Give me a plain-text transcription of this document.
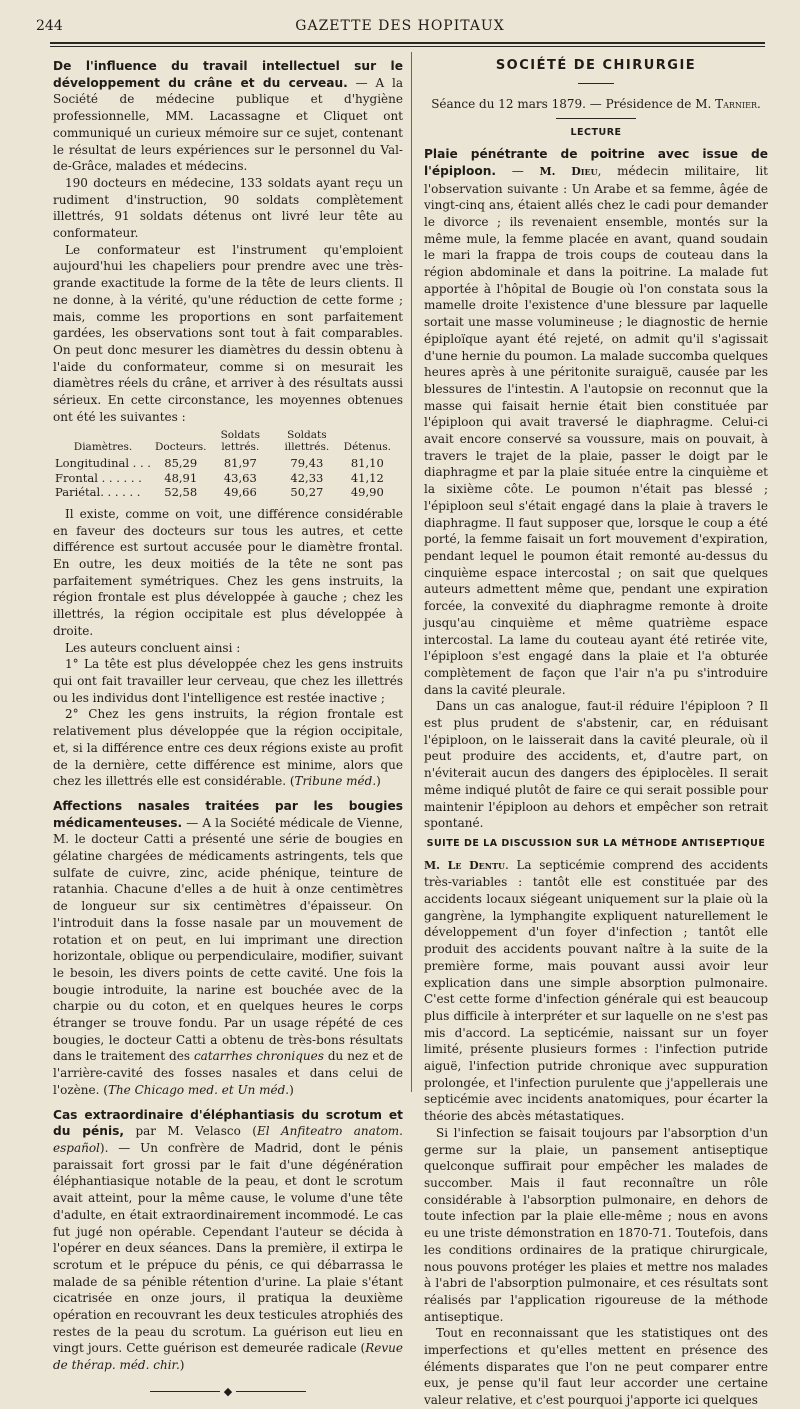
244	GAZETTE DES HOPITAUX

De l'influence du travail intellectuel sur le développement du crâne et du cerveau. — A la Société de médecine publique et d'hygiène professionnelle, MM. Lacassagne et Cliquet ont communiqué un curieux mémoire sur ce sujet, contenant le résultat de leurs expériences sur le personnel du Val-de-Grâce, malades et médecins.

190 docteurs en médecine, 133 soldats ayant reçu un rudiment d'instruction, 90 soldats complètement illettrés, 91 soldats détenus ont livré leur tête au conformateur.

Le conformateur est l'instrument qu'emploient aujourd'hui les chapeliers pour prendre avec une très-grande exactitude la forme de la tête de leurs clients. Il ne donne, à la vérité, qu'une réduction de cette forme ; mais, comme les proportions en sont parfaitement gardées, les observations sont tout à fait comparables. On peut donc mesurer les diamètres du dessin obtenu à l'aide du conformateur, comme si on mesurait les diamètres réels du crâne, et arriver à des résultats aussi sérieux. En cette circonstance, les moyennes obtenues ont été les suivantes :

Diamètres.	Docteurs.	Soldats lettrés.	Soldats illettrés.	Détenus.
Longitudinal . . .	85,29	81,97	79,43	81,10
Frontal . . . . . .	48,91	43,63	42,33	41,12
Pariétal. . . . . .	52,58	49,66	50,27	49,90

Il existe, comme on voit, une différence considérable en faveur des docteurs sur tous les autres, et cette différence est surtout accusée pour le diamètre frontal. En outre, les deux moitiés de la tête ne sont pas parfaitement symétriques. Chez les gens instruits, la région frontale est plus développée à gauche ; chez les illettrés, la région occipitale est plus développée à droite.

Les auteurs concluent ainsi :

1° La tête est plus développée chez les gens instruits qui ont fait travailler leur cerveau, que chez les illettrés ou les individus dont l'intelligence est restée inactive ;

2° Chez les gens instruits, la région frontale est relativement plus développée que la région occipitale, et, si la différence entre ces deux régions existe au profit de la dernière, cette différence est minime, alors que chez les illettrés elle est considérable. (Tribune méd.)

Affections nasales traitées par les bougies médicamenteuses. — A la Société médicale de Vienne, M. le docteur Catti a présenté une série de bougies en gélatine chargées de médicaments astringents, tels que sulfate de cuivre, zinc, acide phénique, teinture de ratanhia. Chacune d'elles a de huit à onze centimètres de longueur sur six centimètres d'épaisseur. On l'introduit dans la fosse nasale par un mouvement de rotation et on peut, en lui imprimant une direction horizontale, oblique ou perpendiculaire, modifier, suivant le besoin, les divers points de cette cavité. Une fois la bougie introduite, la narine est bouchée avec de la charpie ou du coton, et en quelques heures le corps étranger se trouve fondu. Par un usage répété de ces bougies, le docteur Catti a obtenu de très-bons résultats dans le traitement des catarrhes chroniques du nez et de l'arrière-cavité des fosses nasales et dans celui de l'ozène. (The Chicago med. et Un méd.)

Cas extraordinaire d'éléphantiasis du scrotum et du pénis, par M. Velasco (El Anfiteatro anatom. español). — Un confrère de Madrid, dont le pénis paraissait fort grossi par le fait d'une dégénération éléphantiasique notable de la peau, et dont le scrotum avait atteint, pour la même cause, le volume d'une tête d'adulte, en était extraordinairement incommodé. Le cas fut jugé non opérable. Cependant l'auteur se décida à l'opérer en deux séances. Dans la première, il extirpa le scrotum et le prépuce du pénis, ce qui débarrassa le malade de sa pénible rétention d'urine. La plaie s'étant cicatrisée en onze jours, il pratiqua la deuxième opération en recouvrant les deux testicules atrophiés des restes de la peau du scrotum. La guérison eut lieu en vingt jours. Cette guérison est demeurée radicale (Revue de thérap. méd. chir.)

◆
SOCIÉTÉ DE CHIRURGIE
Séance du 12 mars 1879. — Présidence de M. Tarnier.
LECTURE

Plaie pénétrante de poitrine avec issue de l'épiploon. — M. Dieu, médecin militaire, lit l'observation suivante : Un Arabe et sa femme, âgée de vingt-cinq ans, étaient allés chez le cadi pour demander le divorce ; ils revenaient ensemble, montés sur la même mule, la femme placée en avant, quand soudain le mari la frappa de trois coups de couteau dans la région abdominale et dans la poitrine. La malade fut apportée à l'hôpital de Bougie où l'on constata sous la mamelle droite l'existence d'une blessure par laquelle sortait une masse volumineuse ; le diagnostic de hernie épiploïque ayant été rejeté, on admit qu'il s'agissait d'une hernie du poumon. La malade succomba quelques heures après à une péritonite suraiguë, causée par les blessures de l'intestin. A l'autopsie on reconnut que la masse qui faisait hernie était bien constituée par l'épiploon qui avait traversé le diaphragme. Celui-ci avait encore conservé sa voussure, mais on pouvait, à travers le trajet de la plaie, passer le doigt par le diaphragme et par la plaie située entre la cinquième et la sixième côte. Le poumon n'était pas blessé ; l'épiploon seul s'était engagé dans la plaie à travers le diaphragme. Il faut supposer que, lorsque le coup a été porté, la femme faisait un fort mouvement d'expiration, pendant lequel le poumon était remonté au-dessus du cinquième espace intercostal ; on sait que quelques auteurs admettent même que, pendant une expiration forcée, la convexité du diaphragme remonte à droite jusqu'au cinquième et même quatrième espace intercostal. La lame du couteau ayant été retirée vite, l'épiploon s'est engagé dans la plaie et l'a obturée complètement de façon que l'air n'a pu s'introduire dans la cavité pleurale.

Dans un cas analogue, faut-il réduire l'épiploon ? Il est plus prudent de s'abstenir, car, en réduisant l'épiploon, on le laisserait dans la cavité pleurale, où il peut produire des accidents, et, d'autre part, on n'éviterait aucun des dangers des épiplocèles. Il serait même indiqué plutôt de faire ce qui serait possible pour maintenir l'épiploon au dehors et empêcher son retrait spontané.

SUITE DE LA DISCUSSION SUR LA MÉTHODE ANTISEPTIQUE

M. Le Dentu. La septicémie comprend des accidents très-variables : tantôt elle est constituée par des accidents locaux siégeant uniquement sur la plaie où la gangrène, la lymphangite expliquent naturellement le développement d'un foyer d'infection ; tantôt elle produit des accidents pouvant naître à la suite de la première forme, mais pouvant aussi avoir leur explication dans une simple absorption pulmonaire. C'est cette forme d'infection générale qui est beaucoup plus difficile à interpréter et sur laquelle on ne s'est pas mis d'accord. La septicémie, naissant sur un foyer limité, présente plusieurs formes : l'infection putride aiguë, l'infection putride chronique avec suppuration prolongée, et l'infection purulente que j'appellerais une septicémie avec incidents anatomiques, pour écarter la théorie des abcès métastatiques.

Si l'infection se faisait toujours par l'absorption d'un germe sur la plaie, un pansement antiseptique quelconque suffirait pour empêcher les malades de succomber. Mais il faut reconnaître un rôle considérable à l'absorption pulmonaire, en dehors de toute infection par la plaie elle-même ; nous en avons eu une triste démonstration en 1870-71. Toutefois, dans les conditions ordinaires de la pratique chirurgicale, nous pouvons protéger les plaies et mettre nos malades à l'abri de l'absorption pulmonaire, et ces résultats sont réalisés par l'application rigoureuse de la méthode antiseptique.

Tout en reconnaissant que les statistiques ont des imperfections et qu'elles mettent en présence des éléments disparates que l'on ne peut comparer entre eux, je pense qu'il faut leur accorder une certaine valeur relative, et c'est pourquoi j'apporte ici quelques
